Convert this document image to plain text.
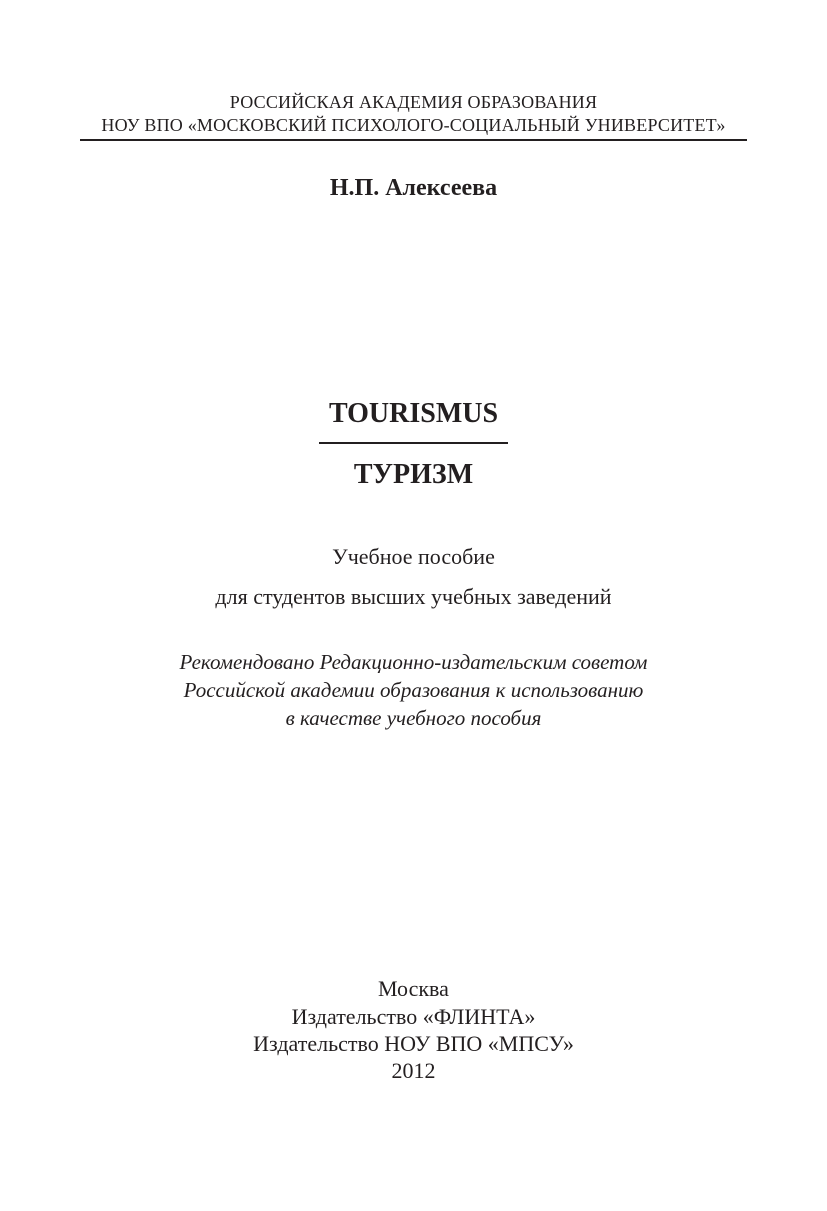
РОССИЙСКАЯ АКАДЕМИЯ ОБРАЗОВАНИЯ
НОУ ВПО «МОСКОВСКИЙ ПСИХОЛОГО-СОЦИАЛЬНЫЙ УНИВЕРСИТЕТ»
Н.П. Алексеева
TOURISMUS
ТУРИЗМ
Учебное пособие
для студентов высших учебных заведений
Рекомендовано Редакционно-издательским советом
Российской академии образования к использованию
в качестве учебного пособия
Москва
Издательство «ФЛИНТА»
Издательство НОУ ВПО «МПСУ»
2012
